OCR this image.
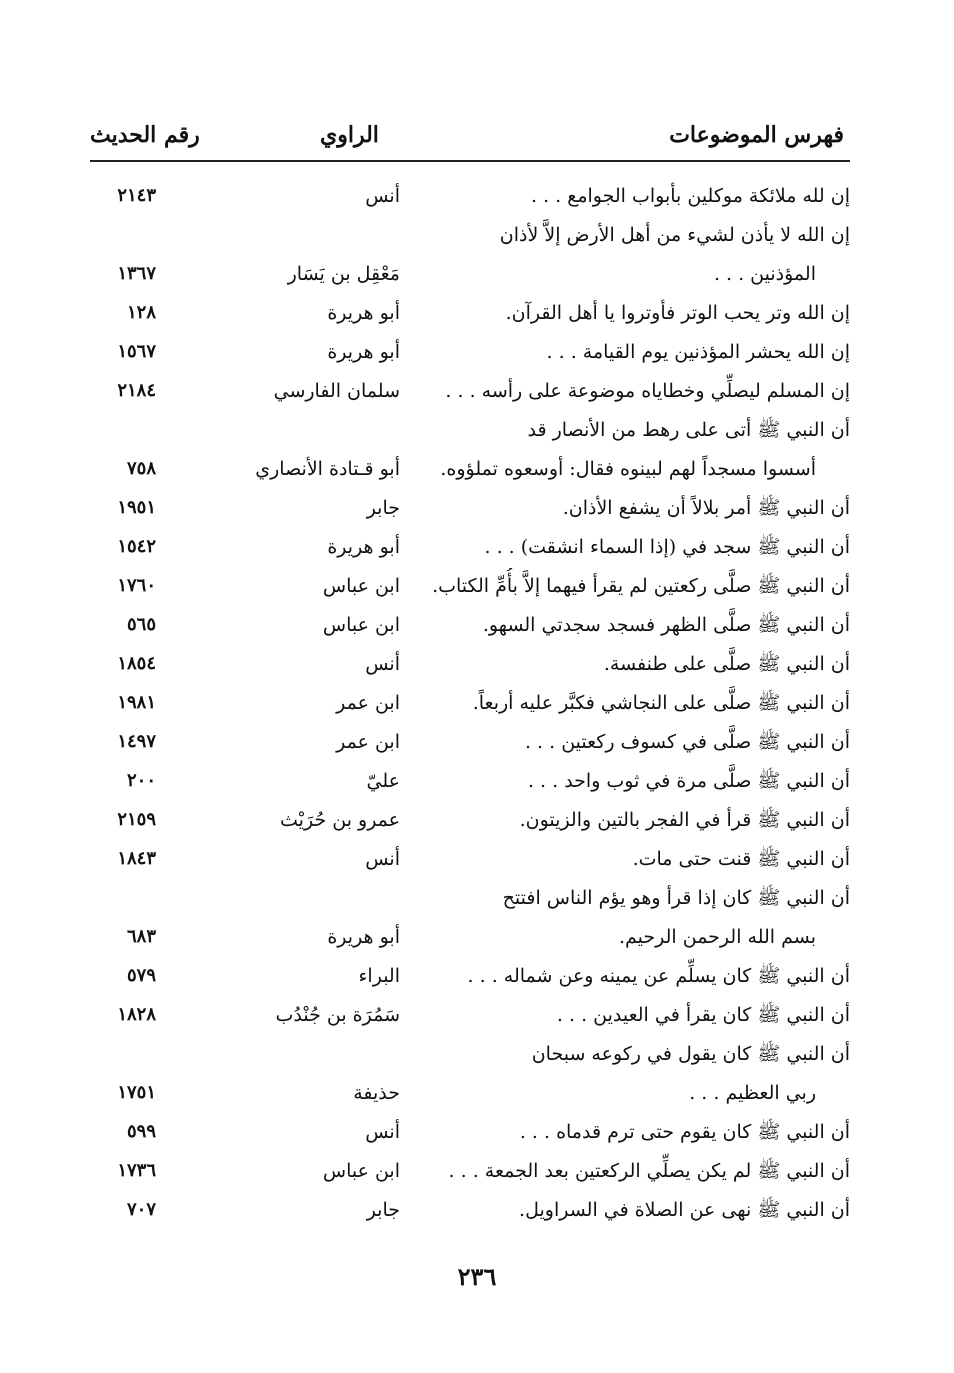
فهرس الموضوعات
الراوي
رقم الحديث
إن لله ملائكة موكلين بأبواب الجوامع . . .
أنس
٢١٤٣
إن الله لا يأذن لشيء من أهل الأرض إلاَّ لأذان
المؤذنين . . .
مَعْقِل بن يَسَار
١٣٦٧
إن الله وتر يحب الوتر فأوتروا يا أهل القرآن.
أبو هريرة
١٢٨
إن الله يحشر المؤذنين يوم القيامة . . .
أبو هريرة
١٥٦٧
إن المسلم ليصلِّي وخطاياه موضوعة على رأسه . . .
سلمان الفارسي
٢١٨٤
أن النبي ﷺ أتى على رهط من الأنصار قد
أسسوا مسجداً لهم لبينوه فقال: أوسعوه تملؤوه.
أبو قـتادة الأنصاري
٧٥٨
أن النبي ﷺ أمر بلالاً أن يشفع الأذان.
جابر
١٩٥١
أن النبي ﷺ سجد في (إذا السماء انشقت) . . .
أبو هريرة
١٥٤٢
أن النبي ﷺ صلَّى ركعتين لم يقرأ فيهما إلاَّ بأُمِّ الكتاب.
ابن عباس
١٧٦٠
أن النبي ﷺ صلَّى الظهر فسجد سجدتي السهو.
ابن عباس
٥٦٥
أن النبي ﷺ صلَّى على طنفسة.
أنس
١٨٥٤
أن النبي ﷺ صلَّى على النجاشي فكبَّر عليه أربعاً.
ابن عمر
١٩٨١
أن النبي ﷺ صلَّى في كسوف ركعتين . . .
ابن عمر
١٤٩٧
أن النبي ﷺ صلَّى مرة في ثوب واحد . . .
عليّ
٢٠٠
أن النبي ﷺ قرأ في الفجر بالتين والزيتون.
عمرو بن حُرَيْث
٢١٥٩
أن النبي ﷺ قنت حتى مات.
أنس
١٨٤٣
أن النبي ﷺ كان إذا قرأ وهو يؤم الناس افتتح
بسم الله الرحمن الرحيم.
أبو هريرة
٦٨٣
أن النبي ﷺ كان يسلِّم عن يمينه وعن شماله . . .
البراء
٥٧٩
أن النبي ﷺ كان يقرأ في العيدين . . .
سَمُرَة بن جُنْدُب
١٨٢٨
أن النبي ﷺ كان يقول في ركوعه سبحان
ربي العظيم . . .
حذيفة
١٧٥١
أن النبي ﷺ كان يقوم حتى ترم قدماه . . .
أنس
٥٩٩
أن النبي ﷺ لم يكن يصلِّي الركعتين بعد الجمعة . . .
ابن عباس
١٧٣٦
أن النبي ﷺ نهى عن الصلاة في السراويل.
جابر
٧٠٧
٢٣٦
